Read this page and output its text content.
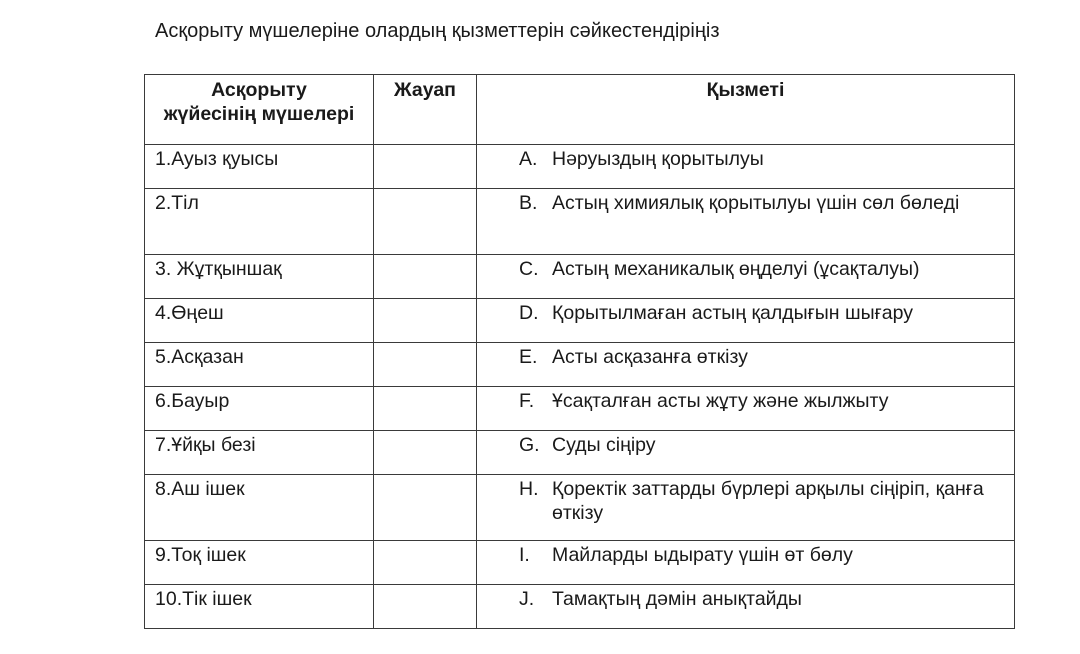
Асқорыту мүшелеріне олардың қызметтерін сәйкестендіріңіз
Асқорыту
жүйесінің мүшелері	Жауап	Қызметі

1.Ауыз қуысы		A. Нәруыздың қорытылуы

2.Тіл		B. Астың химиялық қорытылуы үшін сөл бөледі

3. Жұтқыншақ		C. Астың механикалық өңделуі (ұсақталуы)

4.Өңеш		D. Қорытылмаған астың қалдығын шығару

5.Асқазан		E. Асты асқазанға өткізу

6.Бауыр		F. Ұсақталған асты жұту және жылжыту

7.Ұйқы безі		G. Суды сіңіру

8.Аш ішек		H. Қоректік заттарды бүрлері арқылы сіңіріп, қанға өткізу

9.Тоқ ішек		I. Майларды ыдырату үшін өт бөлу

10.Тік ішек		J. Тамақтың дәмін анықтайды
